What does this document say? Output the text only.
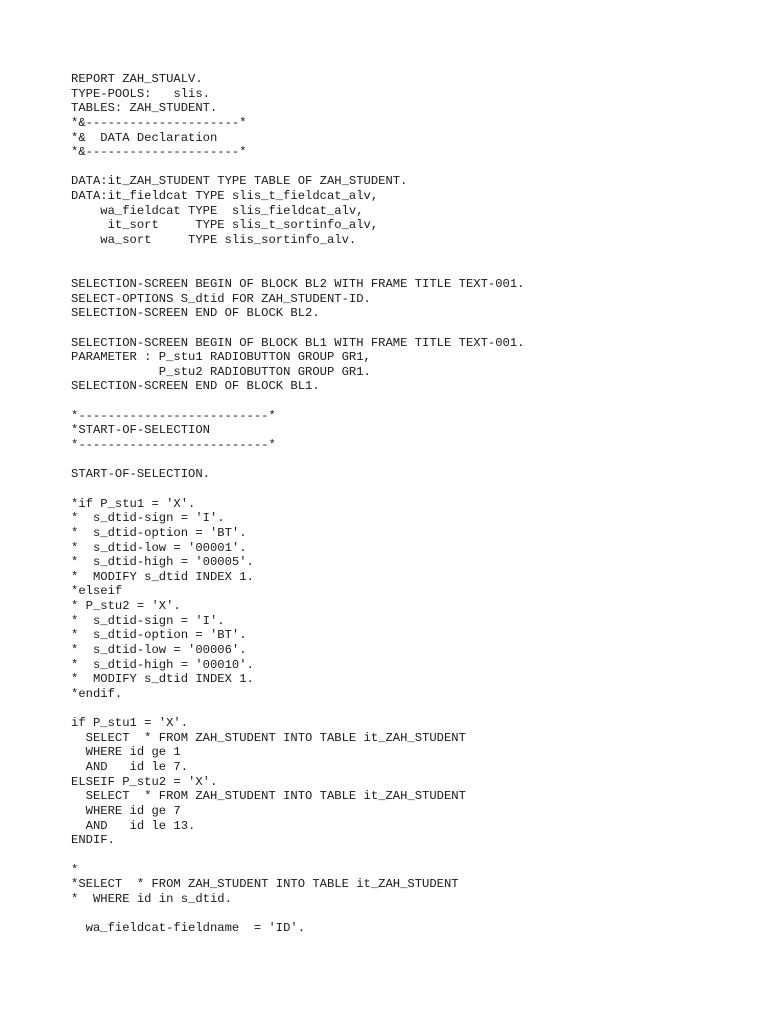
REPORT ZAH_STUALV.
TYPE-POOLS:   slis.
TABLES: ZAH_STUDENT.
*&---------------------*
*&  DATA Declaration
*&---------------------*
DATA:it_ZAH_STUDENT TYPE TABLE OF ZAH_STUDENT.
DATA:it_fieldcat TYPE slis_t_fieldcat_alv,
wa_fieldcat TYPE  slis_fieldcat_alv,
it_sort     TYPE slis_t_sortinfo_alv,
wa_sort     TYPE slis_sortinfo_alv.
SELECTION-SCREEN BEGIN OF BLOCK BL2 WITH FRAME TITLE TEXT-001.
SELECT-OPTIONS S_dtid FOR ZAH_STUDENT-ID.
SELECTION-SCREEN END OF BLOCK BL2.
SELECTION-SCREEN BEGIN OF BLOCK BL1 WITH FRAME TITLE TEXT-001.
PARAMETER : P_stu1 RADIOBUTTON GROUP GR1,
P_stu2 RADIOBUTTON GROUP GR1.
SELECTION-SCREEN END OF BLOCK BL1.
*--------------------------*
*START-OF-SELECTION
*--------------------------*
START-OF-SELECTION.
*if P_stu1 = 'X'.
*  s_dtid-sign = 'I'.
*  s_dtid-option = 'BT'.
*  s_dtid-low = '00001'.
*  s_dtid-high = '00005'.
*  MODIFY s_dtid INDEX 1.
*elseif
* P_stu2 = 'X'.
*  s_dtid-sign = 'I'.
*  s_dtid-option = 'BT'.
*  s_dtid-low = '00006'.
*  s_dtid-high = '00010'.
*  MODIFY s_dtid INDEX 1.
*endif.
if P_stu1 = 'X'.
SELECT  * FROM ZAH_STUDENT INTO TABLE it_ZAH_STUDENT
WHERE id ge 1
AND   id le 7.
ELSEIF P_stu2 = 'X'.
SELECT  * FROM ZAH_STUDENT INTO TABLE it_ZAH_STUDENT
WHERE id ge 7
AND   id le 13.
ENDIF.
*
*SELECT  * FROM ZAH_STUDENT INTO TABLE it_ZAH_STUDENT
*  WHERE id in s_dtid.
wa_fieldcat-fieldname  = 'ID'.
